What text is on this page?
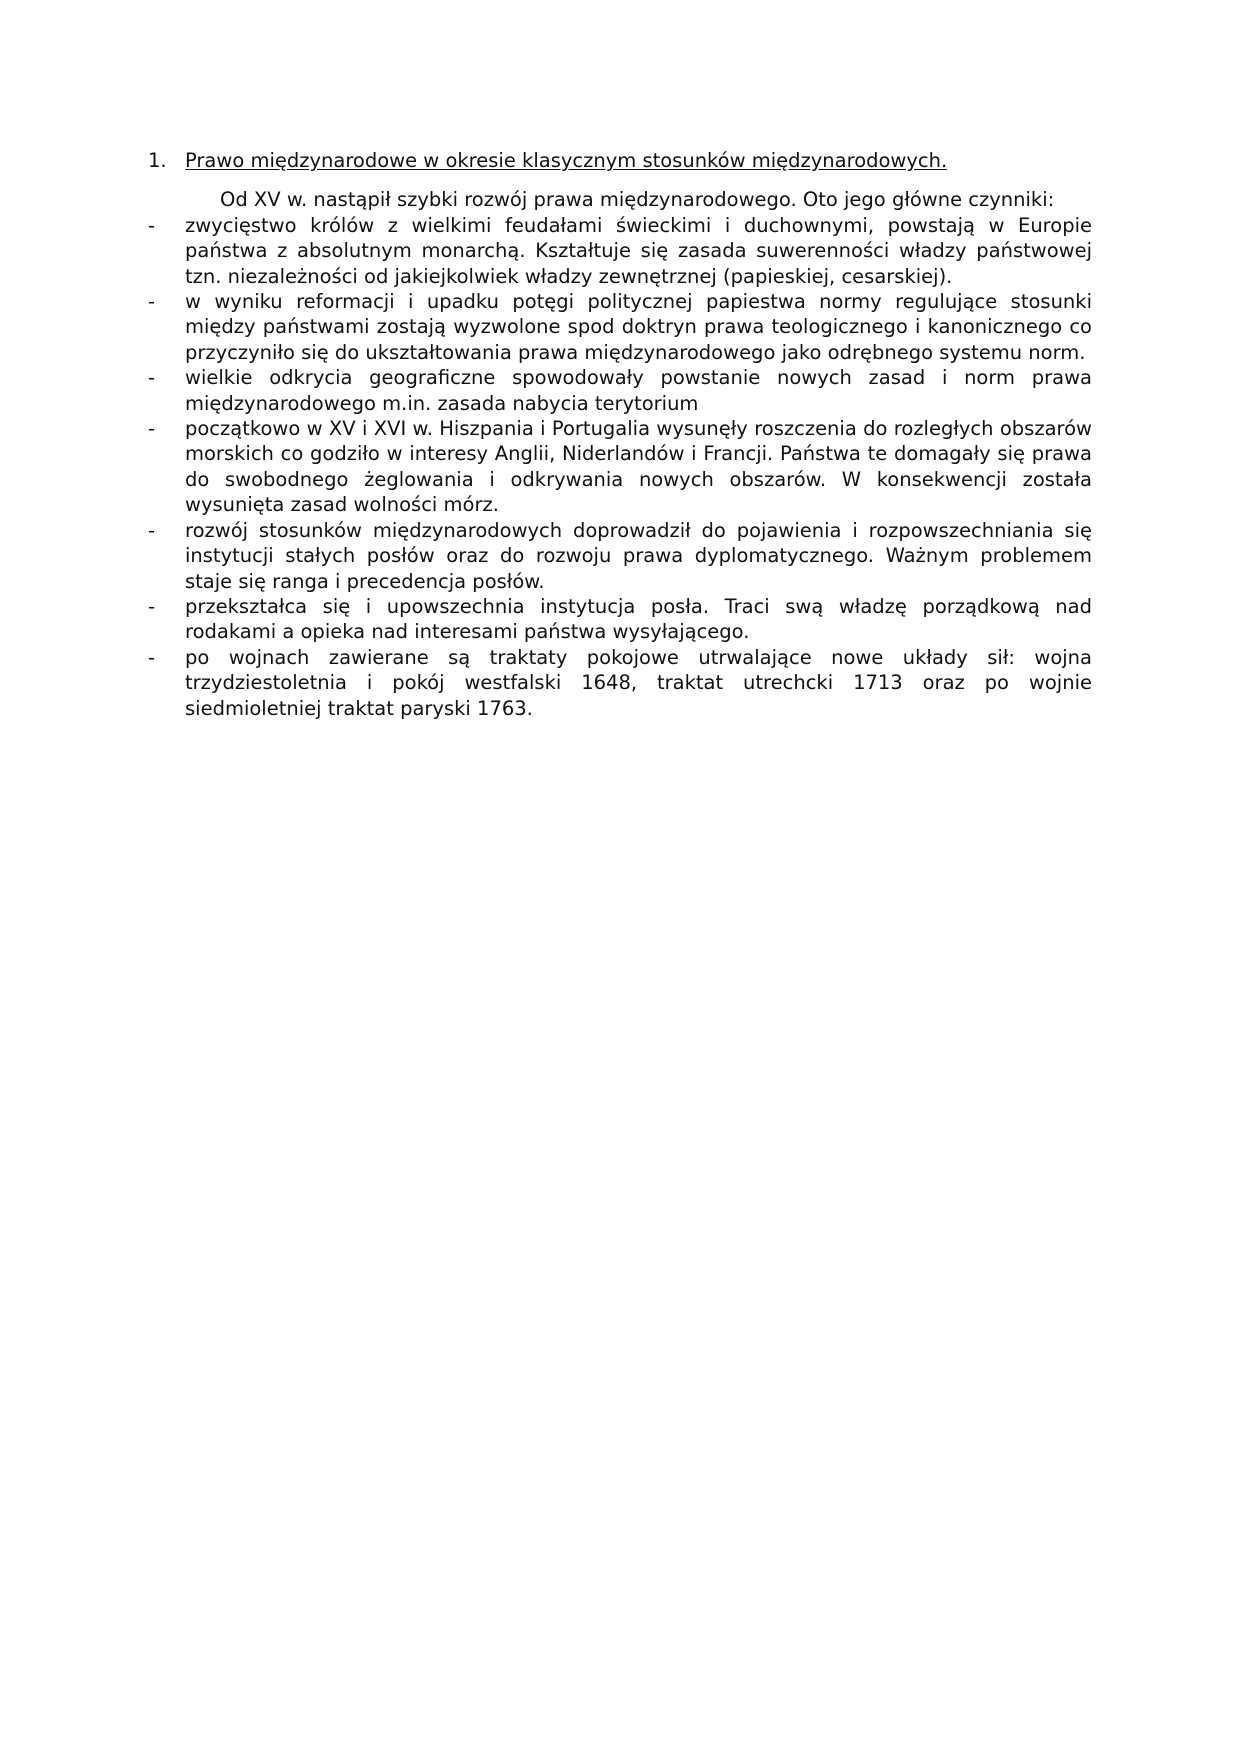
1. Prawo międzynarodowe w okresie klasycznym stosunków międzynarodowych.

Od XV w. nastąpił szybki rozwój prawa międzynarodowego. Oto jego główne czynniki:

-	zwycięstwo królów z wielkimi feudałami świeckimi i duchownymi, powstają w Europie państwa z absolutnym monarchą. Kształtuje się zasada suwerenności władzy państwowej tzn. niezależności od jakiejkolwiek władzy zewnętrznej (papieskiej, cesarskiej).
-	w wyniku reformacji i upadku potęgi politycznej papiestwa normy regulujące stosunki między państwami zostają wyzwolone spod doktryn prawa teologicznego i kanonicznego co przyczyniło się do ukształtowania prawa międzynarodowego jako odrębnego systemu norm.
-	wielkie odkrycia geograficzne spowodowały powstanie nowych zasad i norm prawa międzynarodowego m.in. zasada nabycia terytorium
-	początkowo w XV i XVI w. Hiszpania i Portugalia wysunęły roszczenia do rozległych obszarów morskich co godziło w interesy Anglii, Niderlandów i Francji. Państwa te domagały się prawa do swobodnego żeglowania i odkrywania nowych obszarów. W konsekwencji została wysunięta zasad wolności mórz.
-	rozwój stosunków międzynarodowych doprowadził do pojawienia i rozpowszechniania się instytucji stałych posłów oraz do rozwoju prawa dyplomatycznego. Ważnym problemem staje się ranga i precedencja posłów.
-	przekształca się i upowszechnia instytucja posła. Traci swą władzę porządkową nad rodakami a opieka nad interesami państwa wysyłającego.
-	po wojnach zawierane są traktaty pokojowe utrwalające nowe układy sił: wojna trzydziestoletnia i pokój westfalski 1648, traktat utrechcki 1713 oraz po wojnie siedmioletniej traktat paryski 1763.
